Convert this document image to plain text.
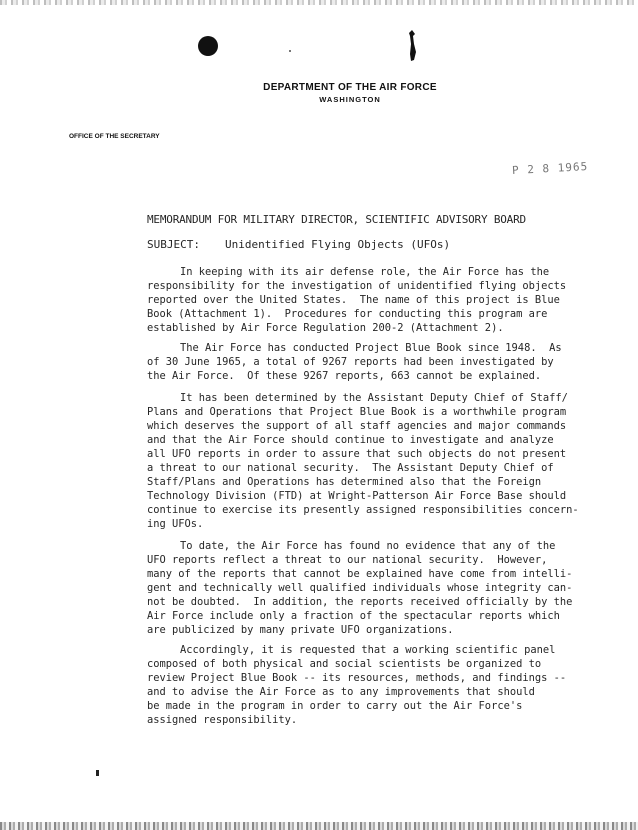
DEPARTMENT OF THE AIR FORCE
WASHINGTON
OFFICE OF THE SECRETARY
P 2 8 1965
MEMORANDUM FOR MILITARY DIRECTOR, SCIENTIFIC ADVISORY BOARD
SUBJECT: Unidentified Flying Objects (UFOs)
In keeping with its air defense role, the Air Force has the
responsibility for the investigation of unidentified flying objects
reported over the United States.  The name of this project is Blue
Book (Attachment 1).  Procedures for conducting this program are
established by Air Force Regulation 200-2 (Attachment 2).
The Air Force has conducted Project Blue Book since 1948.  As
of 30 June 1965, a total of 9267 reports had been investigated by
the Air Force.  Of these 9267 reports, 663 cannot be explained.
It has been determined by the Assistant Deputy Chief of Staff/
Plans and Operations that Project Blue Book is a worthwhile program
which deserves the support of all staff agencies and major commands
and that the Air Force should continue to investigate and analyze
all UFO reports in order to assure that such objects do not present
a threat to our national security.  The Assistant Deputy Chief of
Staff/Plans and Operations has determined also that the Foreign
Technology Division (FTD) at Wright-Patterson Air Force Base should
continue to exercise its presently assigned responsibilities concern-
ing UFOs.
To date, the Air Force has found no evidence that any of the
UFO reports reflect a threat to our national security.  However,
many of the reports that cannot be explained have come from intelli-
gent and technically well qualified individuals whose integrity can-
not be doubted.  In addition, the reports received officially by the
Air Force include only a fraction of the spectacular reports which
are publicized by many private UFO organizations.
Accordingly, it is requested that a working scientific panel
composed of both physical and social scientists be organized to
review Project Blue Book -- its resources, methods, and findings --
and to advise the Air Force as to any improvements that should
be made in the program in order to carry out the Air Force's
assigned responsibility.
